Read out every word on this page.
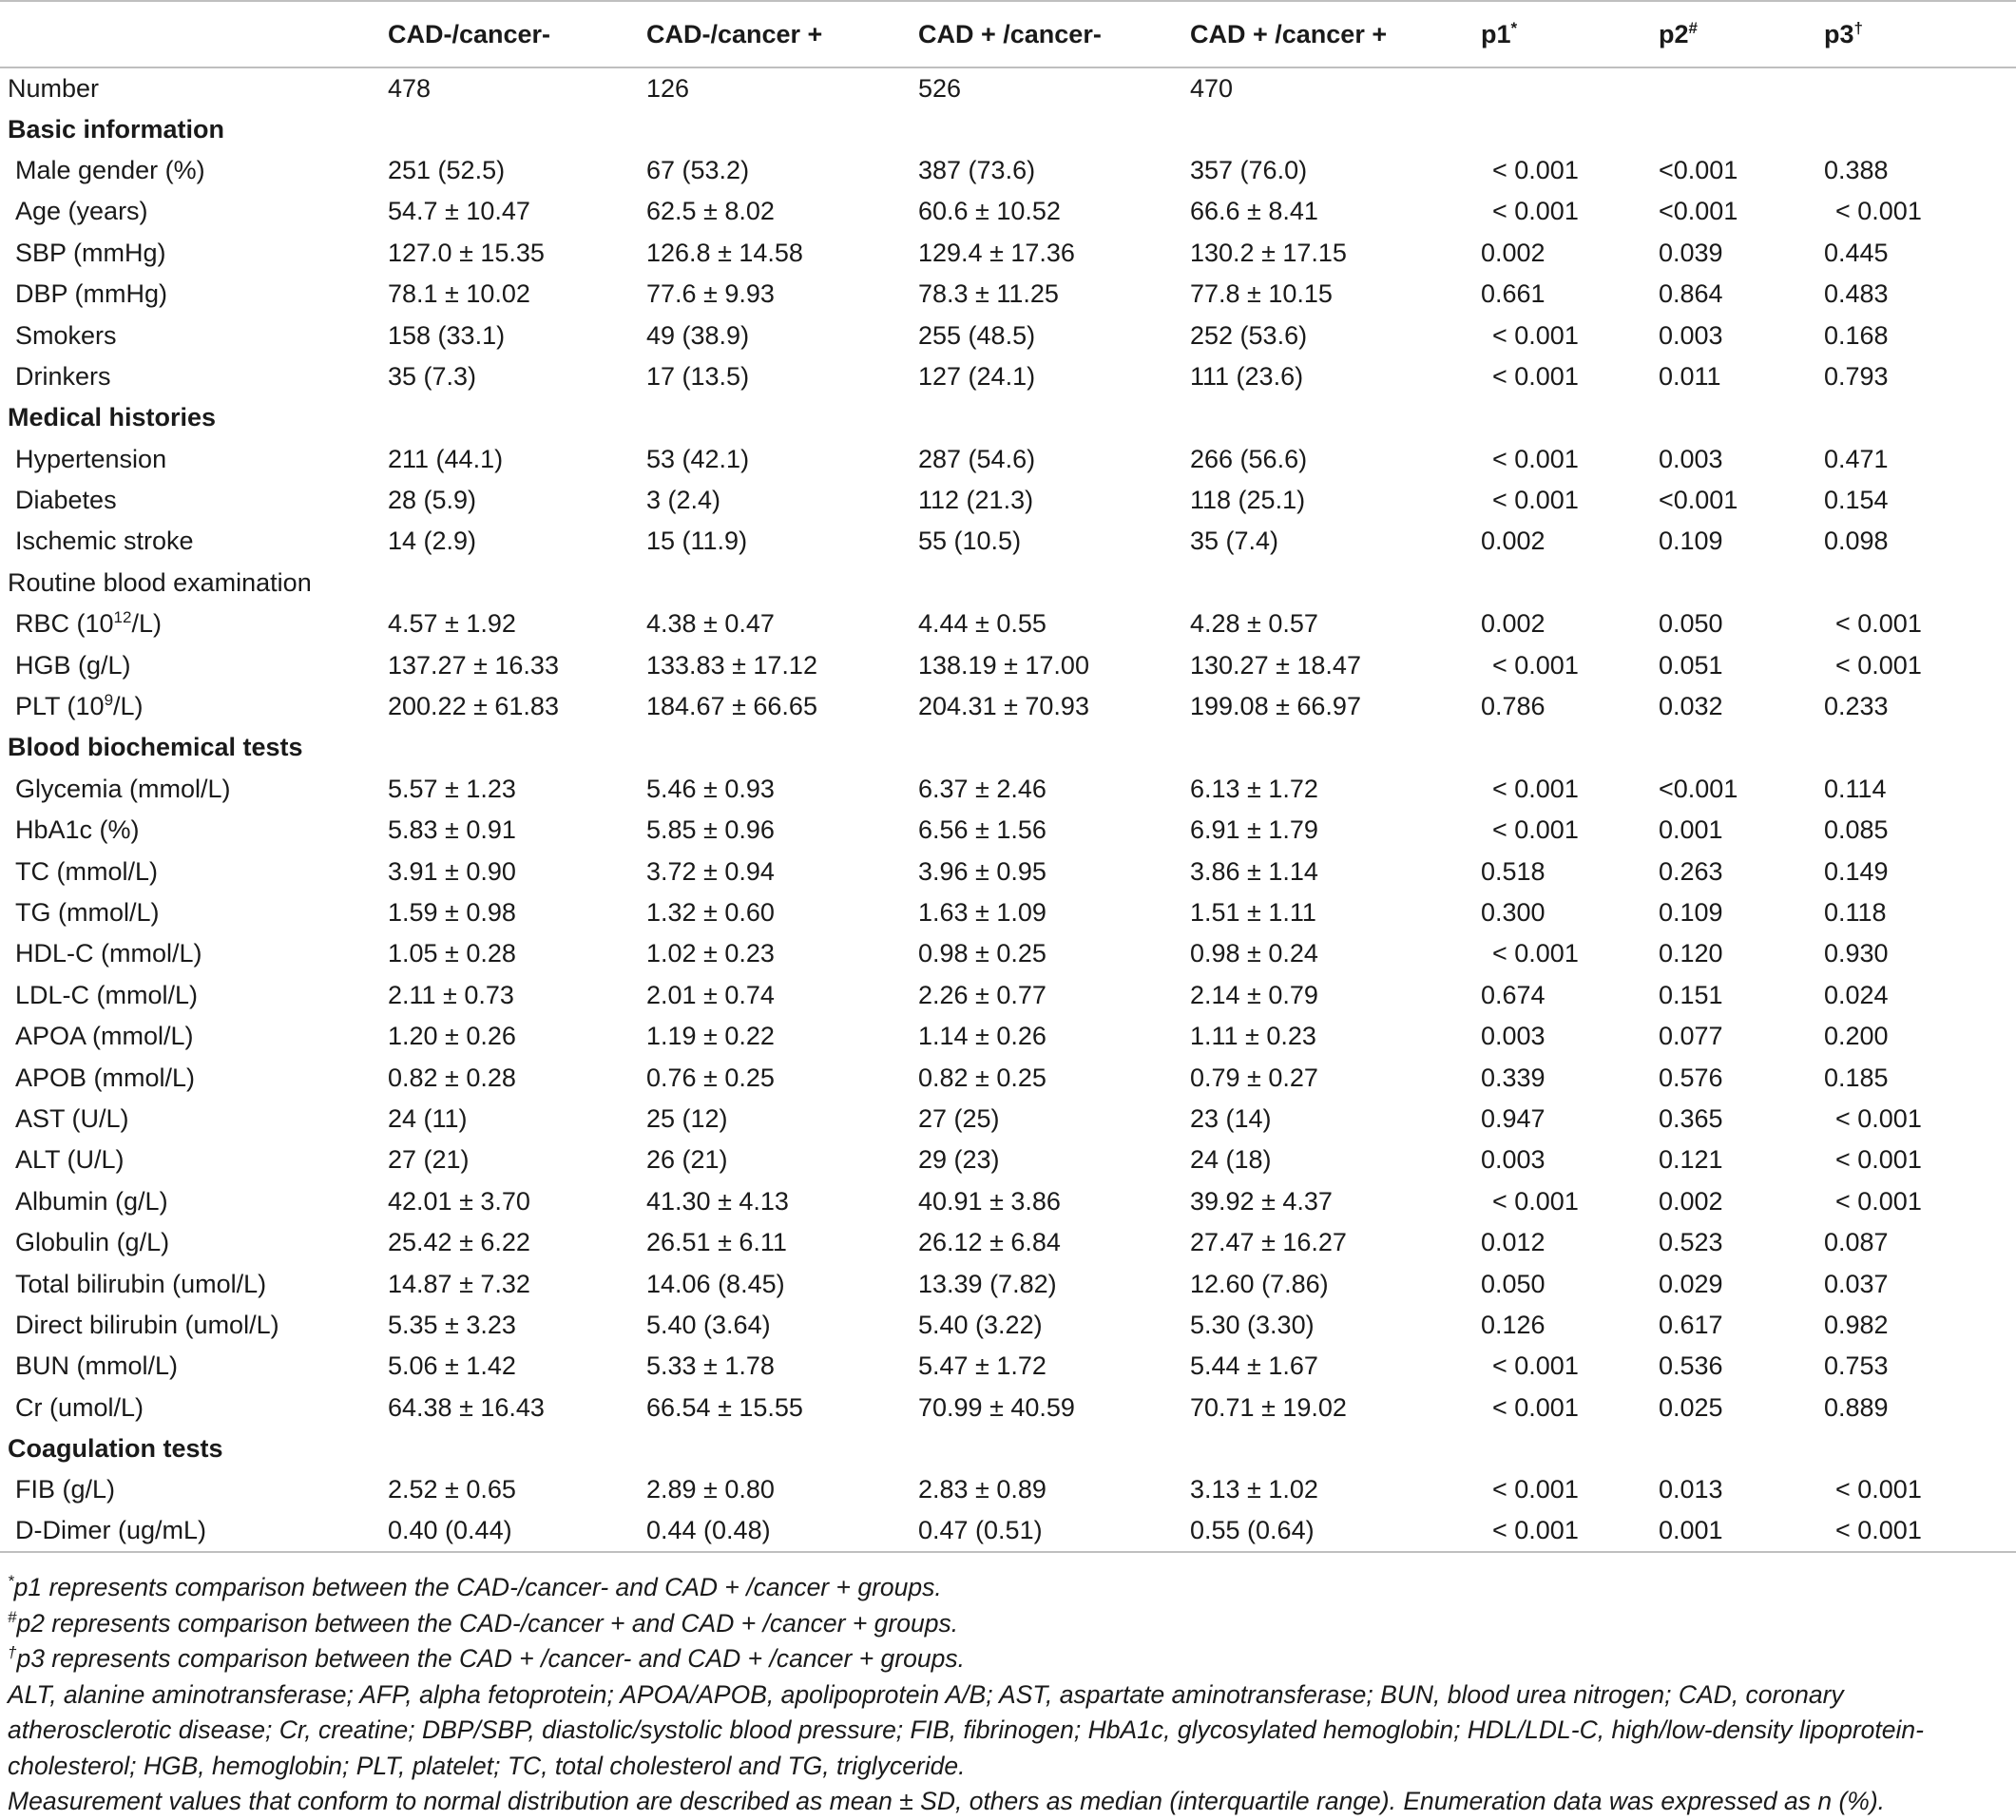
	CAD-/cancer-	CAD-/cancer +	CAD + /cancer-	CAD + /cancer +	p1*	p2#	p3†
Number	478	126	526	470			
Basic information							
Male gender (%)	251 (52.5)	67 (53.2)	387 (73.6)	357 (76.0)	< 0.001	<0.001	0.388
Age (years)	54.7 ± 10.47	62.5 ± 8.02	60.6 ± 10.52	66.6 ± 8.41	< 0.001	<0.001	< 0.001
SBP (mmHg)	127.0 ± 15.35	126.8 ± 14.58	129.4 ± 17.36	130.2 ± 17.15	0.002	0.039	0.445
DBP (mmHg)	78.1 ± 10.02	77.6 ± 9.93	78.3 ± 11.25	77.8 ± 10.15	0.661	0.864	0.483
Smokers	158 (33.1)	49 (38.9)	255 (48.5)	252 (53.6)	< 0.001	0.003	0.168
Drinkers	35 (7.3)	17 (13.5)	127 (24.1)	111 (23.6)	< 0.001	0.011	0.793
Medical histories							
Hypertension	211 (44.1)	53 (42.1)	287 (54.6)	266 (56.6)	< 0.001	0.003	0.471
Diabetes	28 (5.9)	3 (2.4)	112 (21.3)	118 (25.1)	< 0.001	<0.001	0.154
Ischemic stroke	14 (2.9)	15 (11.9)	55 (10.5)	35 (7.4)	0.002	0.109	0.098
Routine blood examination							
RBC $(10^{12}/L)$	4.57 ± 1.92	4.38 ± 0.47	4.44 ± 0.55	4.28 ± 0.57	0.002	0.050	< 0.001
HGB (g/L)	137.27 ± 16.33	133.83 ± 17.12	138.19 ± 17.00	130.27 ± 18.47	< 0.001	0.051	< 0.001
PLT $(10^9/L)$	200.22 ± 61.83	184.67 ± 66.65	204.31 ± 70.93	199.08 ± 66.97	0.786	0.032	0.233
Blood biochemical tests							
Glycemia (mmol/L)	5.57 ± 1.23	5.46 ± 0.93	6.37 ± 2.46	6.13 ± 1.72	< 0.001	<0.001	0.114
HbA1c (%)	5.83 ± 0.91	5.85 ± 0.96	6.56 ± 1.56	6.91 ± 1.79	< 0.001	0.001	0.085
TC (mmol/L)	3.91 ± 0.90	3.72 ± 0.94	3.96 ± 0.95	3.86 ± 1.14	0.518	0.263	0.149
TG (mmol/L)	1.59 ± 0.98	1.32 ± 0.60	1.63 ± 1.09	1.51 ± 1.11	0.300	0.109	0.118
HDL-C (mmol/L)	1.05 ± 0.28	1.02 ± 0.23	0.98 ± 0.25	0.98 ± 0.24	< 0.001	0.120	0.930
LDL-C (mmol/L)	2.11 ± 0.73	2.01 ± 0.74	2.26 ± 0.77	2.14 ± 0.79	0.674	0.151	0.024
APOA (mmol/L)	1.20 ± 0.26	1.19 ± 0.22	1.14 ± 0.26	1.11 ± 0.23	0.003	0.077	0.200
APOB (mmol/L)	0.82 ± 0.28	0.76 ± 0.25	0.82 ± 0.25	0.79 ± 0.27	0.339	0.576	0.185
AST (U/L)	24 (11)	25 (12)	27 (25)	23 (14)	0.947	0.365	< 0.001
ALT (U/L)	27 (21)	26 (21)	29 (23)	24 (18)	0.003	0.121	< 0.001
Albumin (g/L)	42.01 ± 3.70	41.30 ± 4.13	40.91 ± 3.86	39.92 ± 4.37	< 0.001	0.002	< 0.001
Globulin (g/L)	25.42 ± 6.22	26.51 ± 6.11	26.12 ± 6.84	27.47 ± 16.27	0.012	0.523	0.087
Total bilirubin (umol/L)	14.87 ± 7.32	14.06 (8.45)	13.39 (7.82)	12.60 (7.86)	0.050	0.029	0.037
Direct bilirubin (umol/L)	5.35 ± 3.23	5.40 (3.64)	5.40 (3.22)	5.30 (3.30)	0.126	0.617	0.982
BUN (mmol/L)	5.06 ± 1.42	5.33 ± 1.78	5.47 ± 1.72	5.44 ± 1.67	< 0.001	0.536	0.753
Cr (umol/L)	64.38 ± 16.43	66.54 ± 15.55	70.99 ± 40.59	70.71 ± 19.02	< 0.001	0.025	0.889
Coagulation tests							
FIB (g/L)	2.52 ± 0.65	2.89 ± 0.80	2.83 ± 0.89	3.13 ± 1.02	< 0.001	0.013	< 0.001
D-Dimer (ug/mL)	0.40 (0.44)	0.44 (0.48)	0.47 (0.51)	0.55 (0.64)	< 0.001	0.001	< 0.001

*p1 represents comparison between the CAD-/cancer- and CAD + /cancer + groups.

#p2 represents comparison between the CAD-/cancer + and CAD + /cancer + groups.

†p3 represents comparison between the CAD + /cancer- and CAD + /cancer + groups.

ALT, alanine aminotransferase; AFP, alpha fetoprotein; APOA/APOB, apolipoprotein A/B; AST, aspartate aminotransferase; BUN, blood urea nitrogen; CAD, coronary atherosclerotic disease; Cr, creatine; DBP/SBP, diastolic/systolic blood pressure; FIB, fibrinogen; HbA1c, glycosylated hemoglobin; HDL/LDL-C, high/low-density lipoprotein-cholesterol; HGB, hemoglobin; PLT, platelet; TC, total cholesterol and TG, triglyceride.

Measurement values that conform to normal distribution are described as mean ± SD, others as median (interquartile range). Enumeration data was expressed as n (%).
